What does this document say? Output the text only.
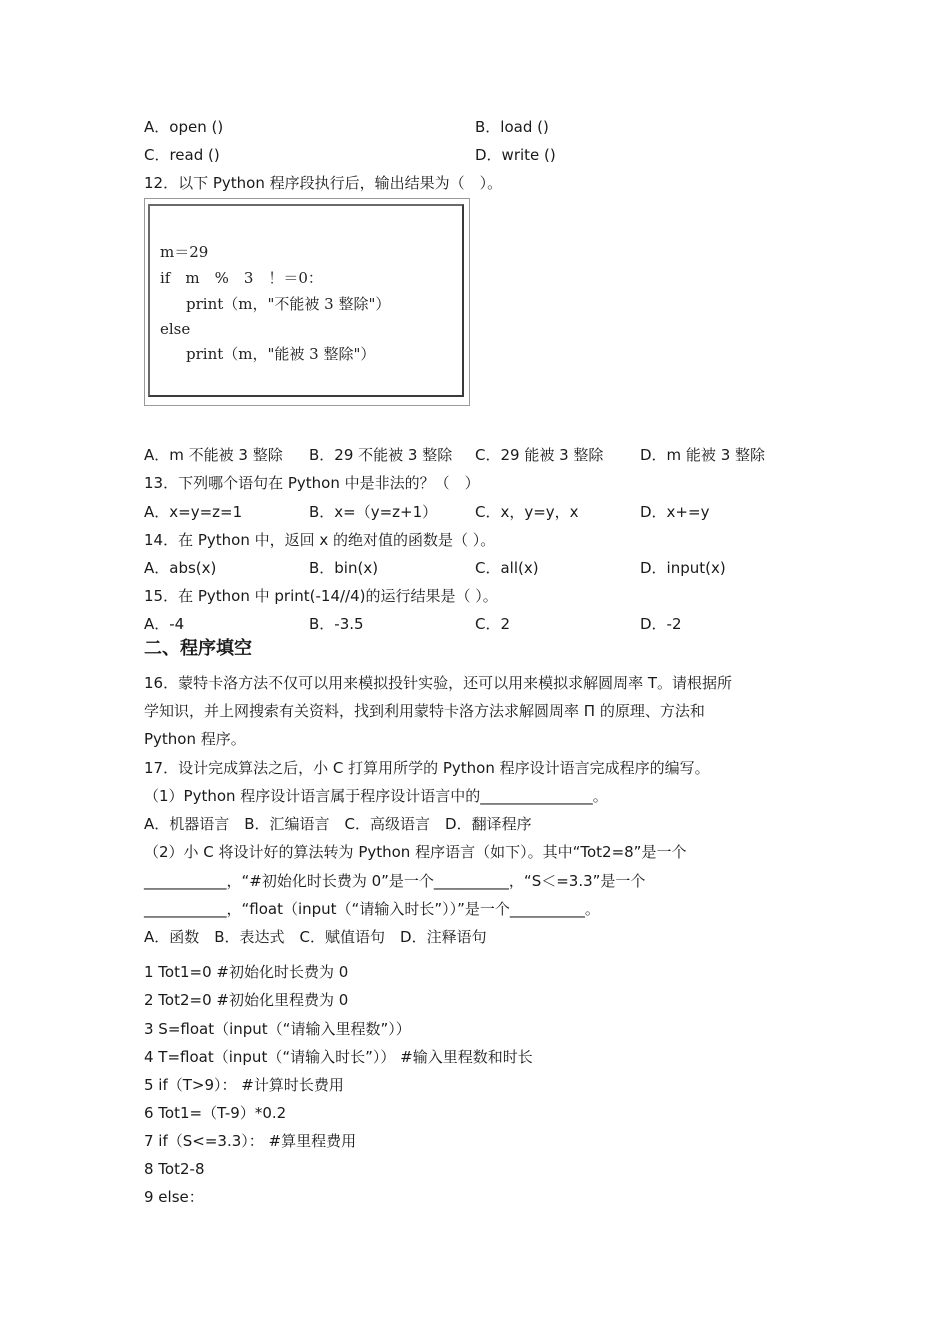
A．open ()	B．load ()
C．read ()	D．write ()
12．以下 Python 程序段执行后，输出结果为（　）。
m＝29
if　m　%　3　！＝0：
print（m，"不能被 3 整除"）
else
print（m，"能被 3 整除"）
A．m 不能被 3 整除 B．29 不能被 3 整除 C．29 能被 3 整除 D．m 能被 3 整除
13．下列哪个语句在 Python 中是非法的？（　）
A．x=y=z=1	B．x=（y=z+1）	C．x，y=y，x	D．x+=y
14．在 Python 中，返回 x 的绝对值的函数是（ ）。
A．abs(x)	B．bin(x)	C．all(x)	D．input(x)
15．在 Python 中 print(-14//4)的运行结果是（ ）。
A．-4	B．-3.5	C．2	D．-2
二、程序填空
16．蒙特卡洛方法不仅可以用来模拟投针实验，还可以用来模拟求解圆周率 T。请根据所
学知识，并上网搜索有关资料，找到利用蒙特卡洛方法求解圆周率 Π 的原理、方法和
Python 程序。
17．设计完成算法之后，小 C 打算用所学的 Python 程序设计语言完成程序的编写。
（1）Python 程序设计语言属于程序设计语言中的_______________。
A．机器语言　B．汇编语言　C．高级语言　D．翻译程序
（2）小 C 将设计好的算法转为 Python 程序语言（如下）。其中“Tot2=8”是一个
___________，“#初始化时长费为 0”是一个__________，“S＜=3.3”是一个
___________，“float（input（“请输入时长”））”是一个__________。
A．函数　B．表达式　C．赋值语句　D．注释语句
1 Tot1=0 #初始化时长费为 0
2 Tot2=0 #初始化里程费为 0
3 S=float（input（“请输入里程数”））
4 T=float（input（“请输入时长”）） #输入里程数和时长
5 if（T>9）： #计算时长费用
6 Tot1=（T-9）*0.2
7 if（S<=3.3）： #算里程费用
8 Tot2-8
9 else：
